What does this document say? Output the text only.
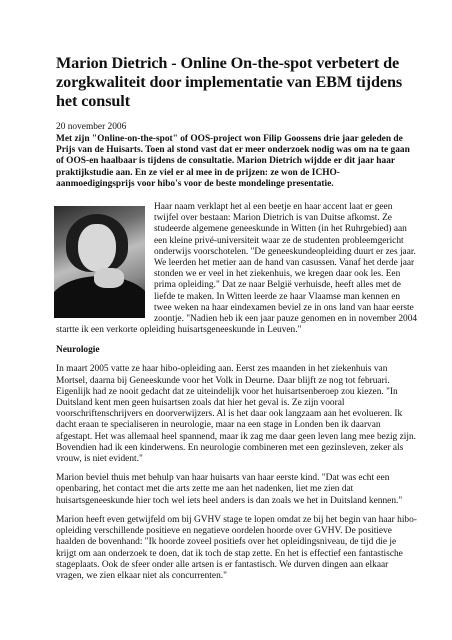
Marion Dietrich - Online On-the-spot verbetert de zorgkwaliteit door implementatie van EBM tijdens het consult
20 november 2006
Met zijn "Online-on-the-spot" of OOS-project won Filip Goossens drie jaar geleden de Prijs van de Huisarts. Toen al stond vast dat er meer onderzoek nodig was om na te gaan of OOS-en haalbaar is tijdens de consultatie. Marion Dietrich wijdde er dit jaar haar praktijkstudie aan. En ze viel er al mee in de prijzen: ze won de ICHO-aanmoedigingsprijs voor hibo's voor de beste mondelinge presentatie.

Haar naam verklapt het al een beetje en haar accent laat er geen twijfel over bestaan: Marion Dietrich is van Duitse afkomst. Ze studeerde algemene geneeskunde in Witten (in het Ruhrgebied) aan een kleine privé-universiteit waar ze de studenten probleemgericht onderwijs voorschotelen. "De geneeskundeopleiding duurt er zes jaar. We leerden het metier aan de hand van casussen. Vanaf het derde jaar stonden we er veel in het ziekenhuis, we kregen daar ook les. Een prima opleiding." Dat ze naar België verhuisde, heeft alles met de liefde te maken. In Witten leerde ze haar Vlaamse man kennen en twee weken na haar eindexamen beviel ze in ons land van haar eerste zoontje. "Nadien heb ik een jaar pauze genomen en in november 2004 startte ik een verkorte opleiding huisartsgeneeskunde in Leuven."

Neurologie

In maart 2005 vatte ze haar hibo-opleiding aan. Eerst zes maanden in het ziekenhuis van Mortsel, daarna bij Geneeskunde voor het Volk in Deurne. Daar blijft ze nog tot februari. Eigenlijk had ze nooit gedacht dat ze uiteindelijk voor het huisartsenberoep zou kiezen. "In Duitsland kent men geen huisartsen zoals dat hier het geval is. Ze zijn vooral voorschriftenschrijvers en doorverwijzers. Al is het daar ook langzaam aan het evolueren. Ik dacht eraan te specialiseren in neurologie, maar na een stage in Londen ben ik daarvan afgestapt. Het was allemaal heel spannend, maar ik zag me daar geen leven lang mee bezig zijn. Bovendien had ik een kinderwens. En neurologie combineren met een gezinsleven, zeker als vrouw, is niet evident."

Marion beviel thuis met behulp van haar huisarts van haar eerste kind. "Dat was echt een openbaring, het contact met die arts zette me aan het nadenken, liet me zien dat huisartsgeneeskunde hier toch wel iets heel anders is dan zoals we het in Duitsland kennen."

Marion heeft even getwijfeld om bij GVHV stage te lopen omdat ze bij het begin van haar hibo-opleiding verschillende positieve en negatieve oordelen hoorde over GVHV. De positieve haalden de bovenhand: "Ik hoorde zoveel positiefs over het opleidingsniveau, de tijd die je krijgt om aan onderzoek te doen, dat ik toch de stap zette. En het is effectief een fantastische stageplaats. Ook de sfeer onder alle artsen is er fantastisch. We durven dingen aan elkaar vragen, we zien elkaar niet als concurrenten."
